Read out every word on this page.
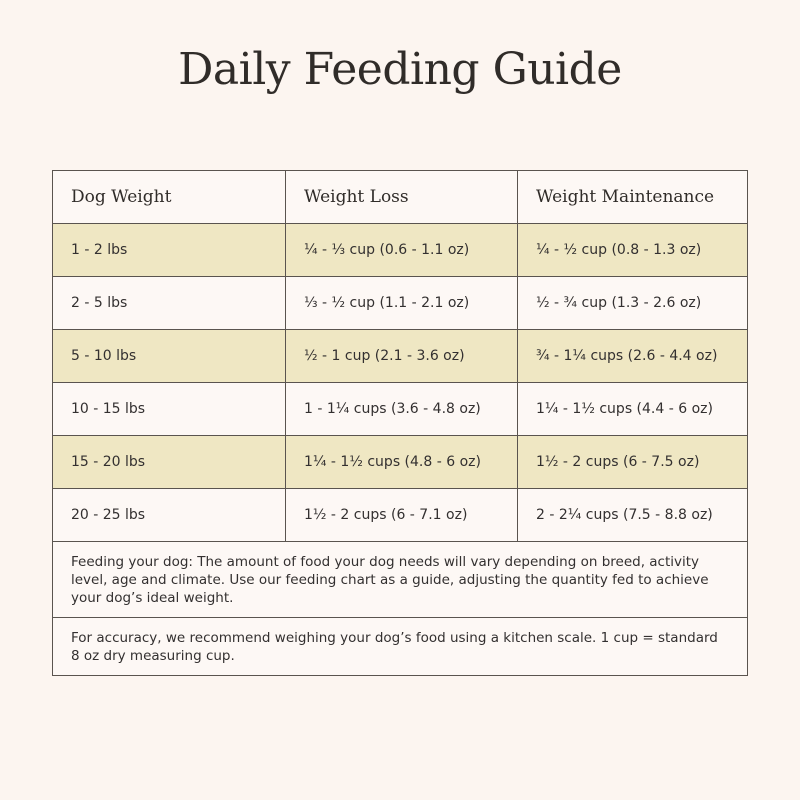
Daily Feeding Guide
Dog Weight	Weight Loss	Weight Maintenance
1 - 2 lbs	¼ - ⅓ cup (0.6 - 1.1 oz)	¼ - ½ cup (0.8 - 1.3 oz)
2 - 5 lbs	⅓ - ½ cup (1.1 - 2.1 oz)	½ - ¾ cup (1.3 - 2.6 oz)
5 - 10 lbs	½ - 1 cup (2.1 - 3.6 oz)	¾ - 1¼ cups (2.6 - 4.4 oz)
10 - 15 lbs	1 - 1¼ cups (3.6 - 4.8 oz)	1¼ - 1½ cups (4.4 - 6 oz)
15 - 20 lbs	1¼ - 1½ cups (4.8 - 6 oz)	1½ - 2 cups (6 - 7.5 oz)
20 - 25 lbs	1½ - 2 cups (6 - 7.1 oz)	2 - 2¼ cups (7.5 - 8.8 oz)
Feeding your dog: The amount of food your dog needs will vary depending on breed, activity level, age and climate. Use our feeding chart as a guide, adjusting the quantity fed to achieve your dog’s ideal weight.
For accuracy, we recommend weighing your dog’s food using a kitchen scale. 1 cup = standard 8 oz dry measuring cup.
